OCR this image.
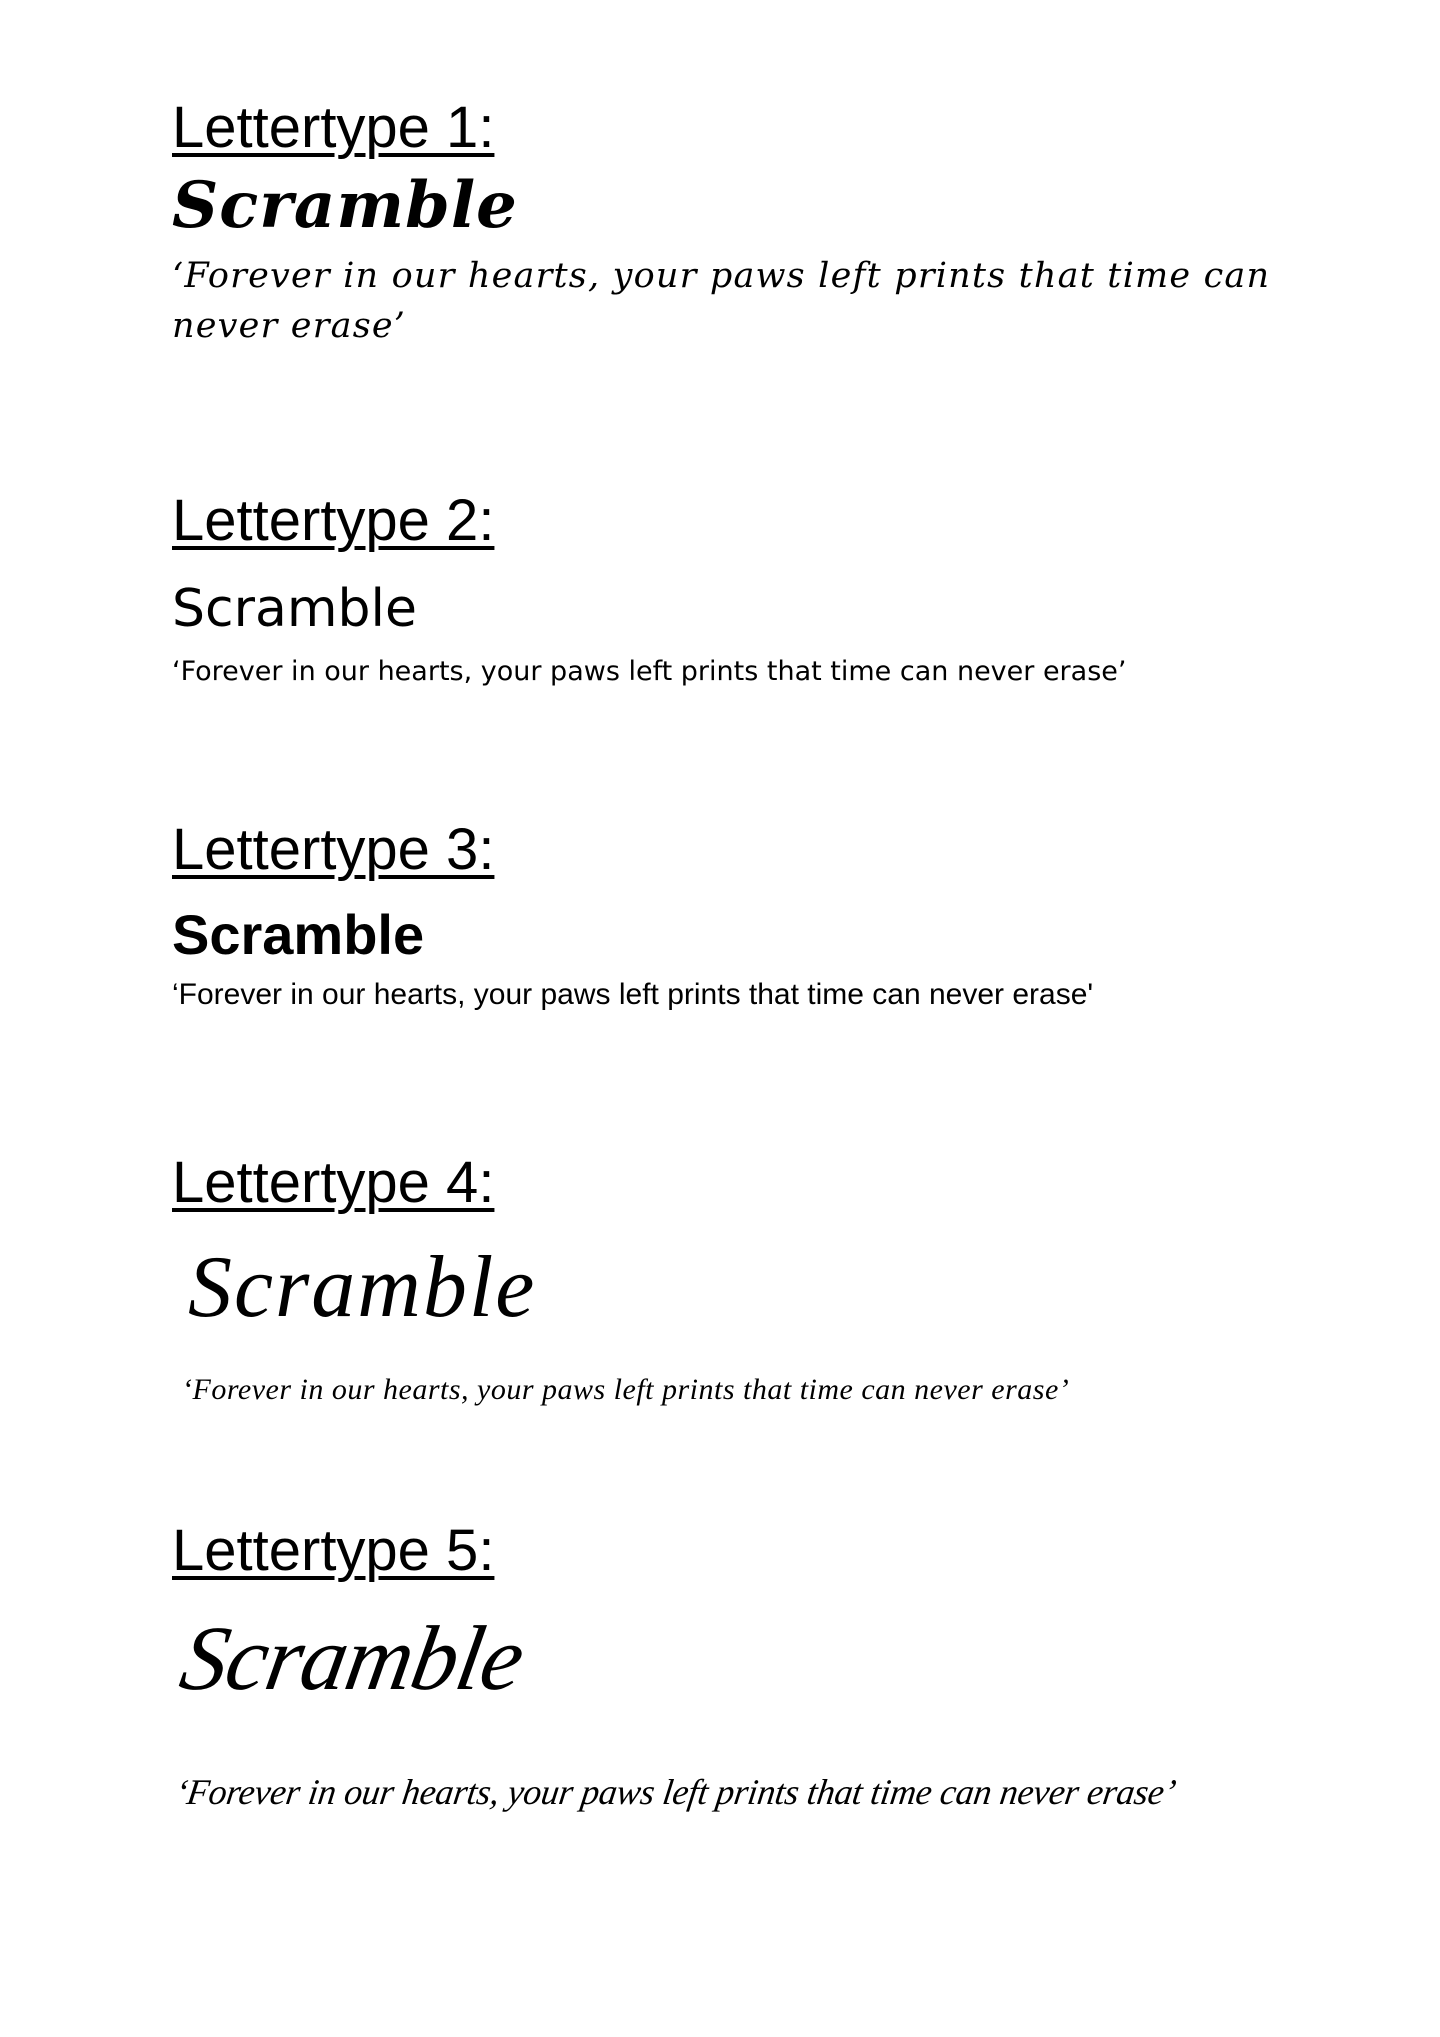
Lettertype 1:

Scramble

‘Forever in our hearts, your paws left prints that time can never erase’

Lettertype 2:

Scramble

‘Forever in our hearts, your paws left prints that time can never erase’

Lettertype 3:

Scramble

‘Forever in our hearts, your paws left prints that time can never erase'

Lettertype 4:

Scramble

‘Forever in our hearts, your paws left prints that time can never erase’

Lettertype 5:

Scramble

‘Forever in our hearts, your paws left prints that time can never erase’
